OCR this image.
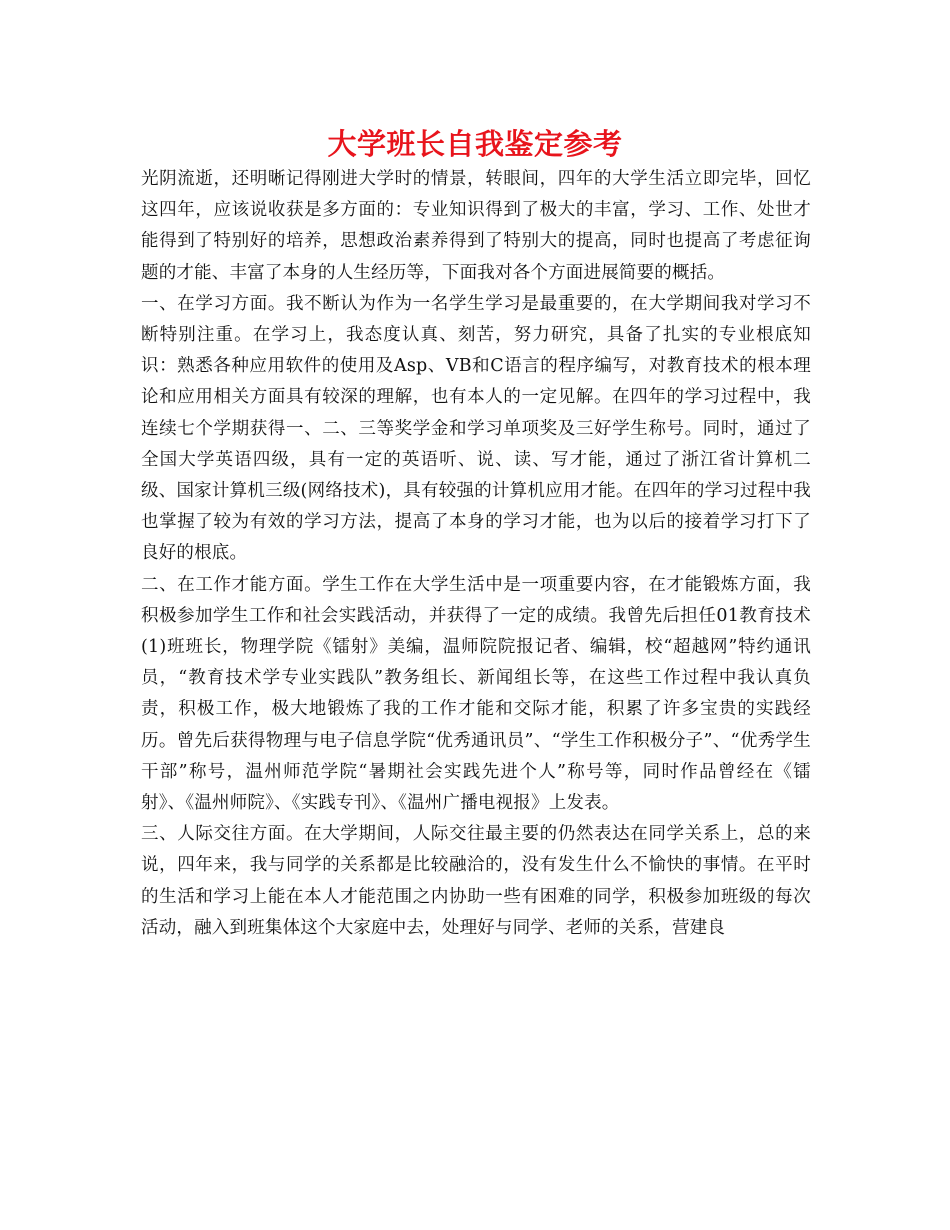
大学班长自我鉴定参考

光阴流逝，还明晰记得刚进大学时的情景，转眼间，四年的大学生活立即完毕，回忆这四年，应该说收获是多方面的：专业知识得到了极大的丰富，学习、工作、处世才能得到了特别好的培养，思想政治素养得到了特别大的提高，同时也提高了考虑征询题的才能、丰富了本身的人生经历等，下面我对各个方面进展简要的概括。

一、在学习方面。我不断认为作为一名学生学习是最重要的，在大学期间我对学习不断特别注重。在学习上，我态度认真、刻苦，努力研究，具备了扎实的专业根底知识：熟悉各种应用软件的使用及Asp、VB和C语言的程序编写，对教育技术的根本理论和应用相关方面具有较深的理解，也有本人的一定见解。在四年的学习过程中，我连续七个学期获得一、二、三等奖学金和学习单项奖及三好学生称号。同时，通过了全国大学英语四级，具有一定的英语听、说、读、写才能，通过了浙江省计算机二级、国家计算机三级(网络技术)，具有较强的计算机应用才能。在四年的学习过程中我也掌握了较为有效的学习方法，提高了本身的学习才能，也为以后的接着学习打下了良好的根底。

二、在工作才能方面。学生工作在大学生活中是一项重要内容，在才能锻炼方面，我积极参加学生工作和社会实践活动，并获得了一定的成绩。我曾先后担任01教育技术(1)班班长，物理学院《镭射》美编，温师院院报记者、编辑，校“超越网”特约通讯员，“教育技术学专业实践队”教务组长、新闻组长等，在这些工作过程中我认真负责，积极工作，极大地锻炼了我的工作才能和交际才能，积累了许多宝贵的实践经历。曾先后获得物理与电子信息学院“优秀通讯员”、“学生工作积极分子”、“优秀学生干部”称号，温州师范学院“暑期社会实践先进个人”称号等，同时作品曾经在《镭射》、《温州师院》、《实践专刊》、《温州广播电视报》上发表。

三、人际交往方面。在大学期间，人际交往最主要的仍然表达在同学关系上，总的来说，四年来，我与同学的关系都是比较融洽的，没有发生什么不愉快的事情。在平时的生活和学习上能在本人才能范围之内协助一些有困难的同学，积极参加班级的每次活动，融入到班集体这个大家庭中去，处理好与同学、老师的关系，营建良
